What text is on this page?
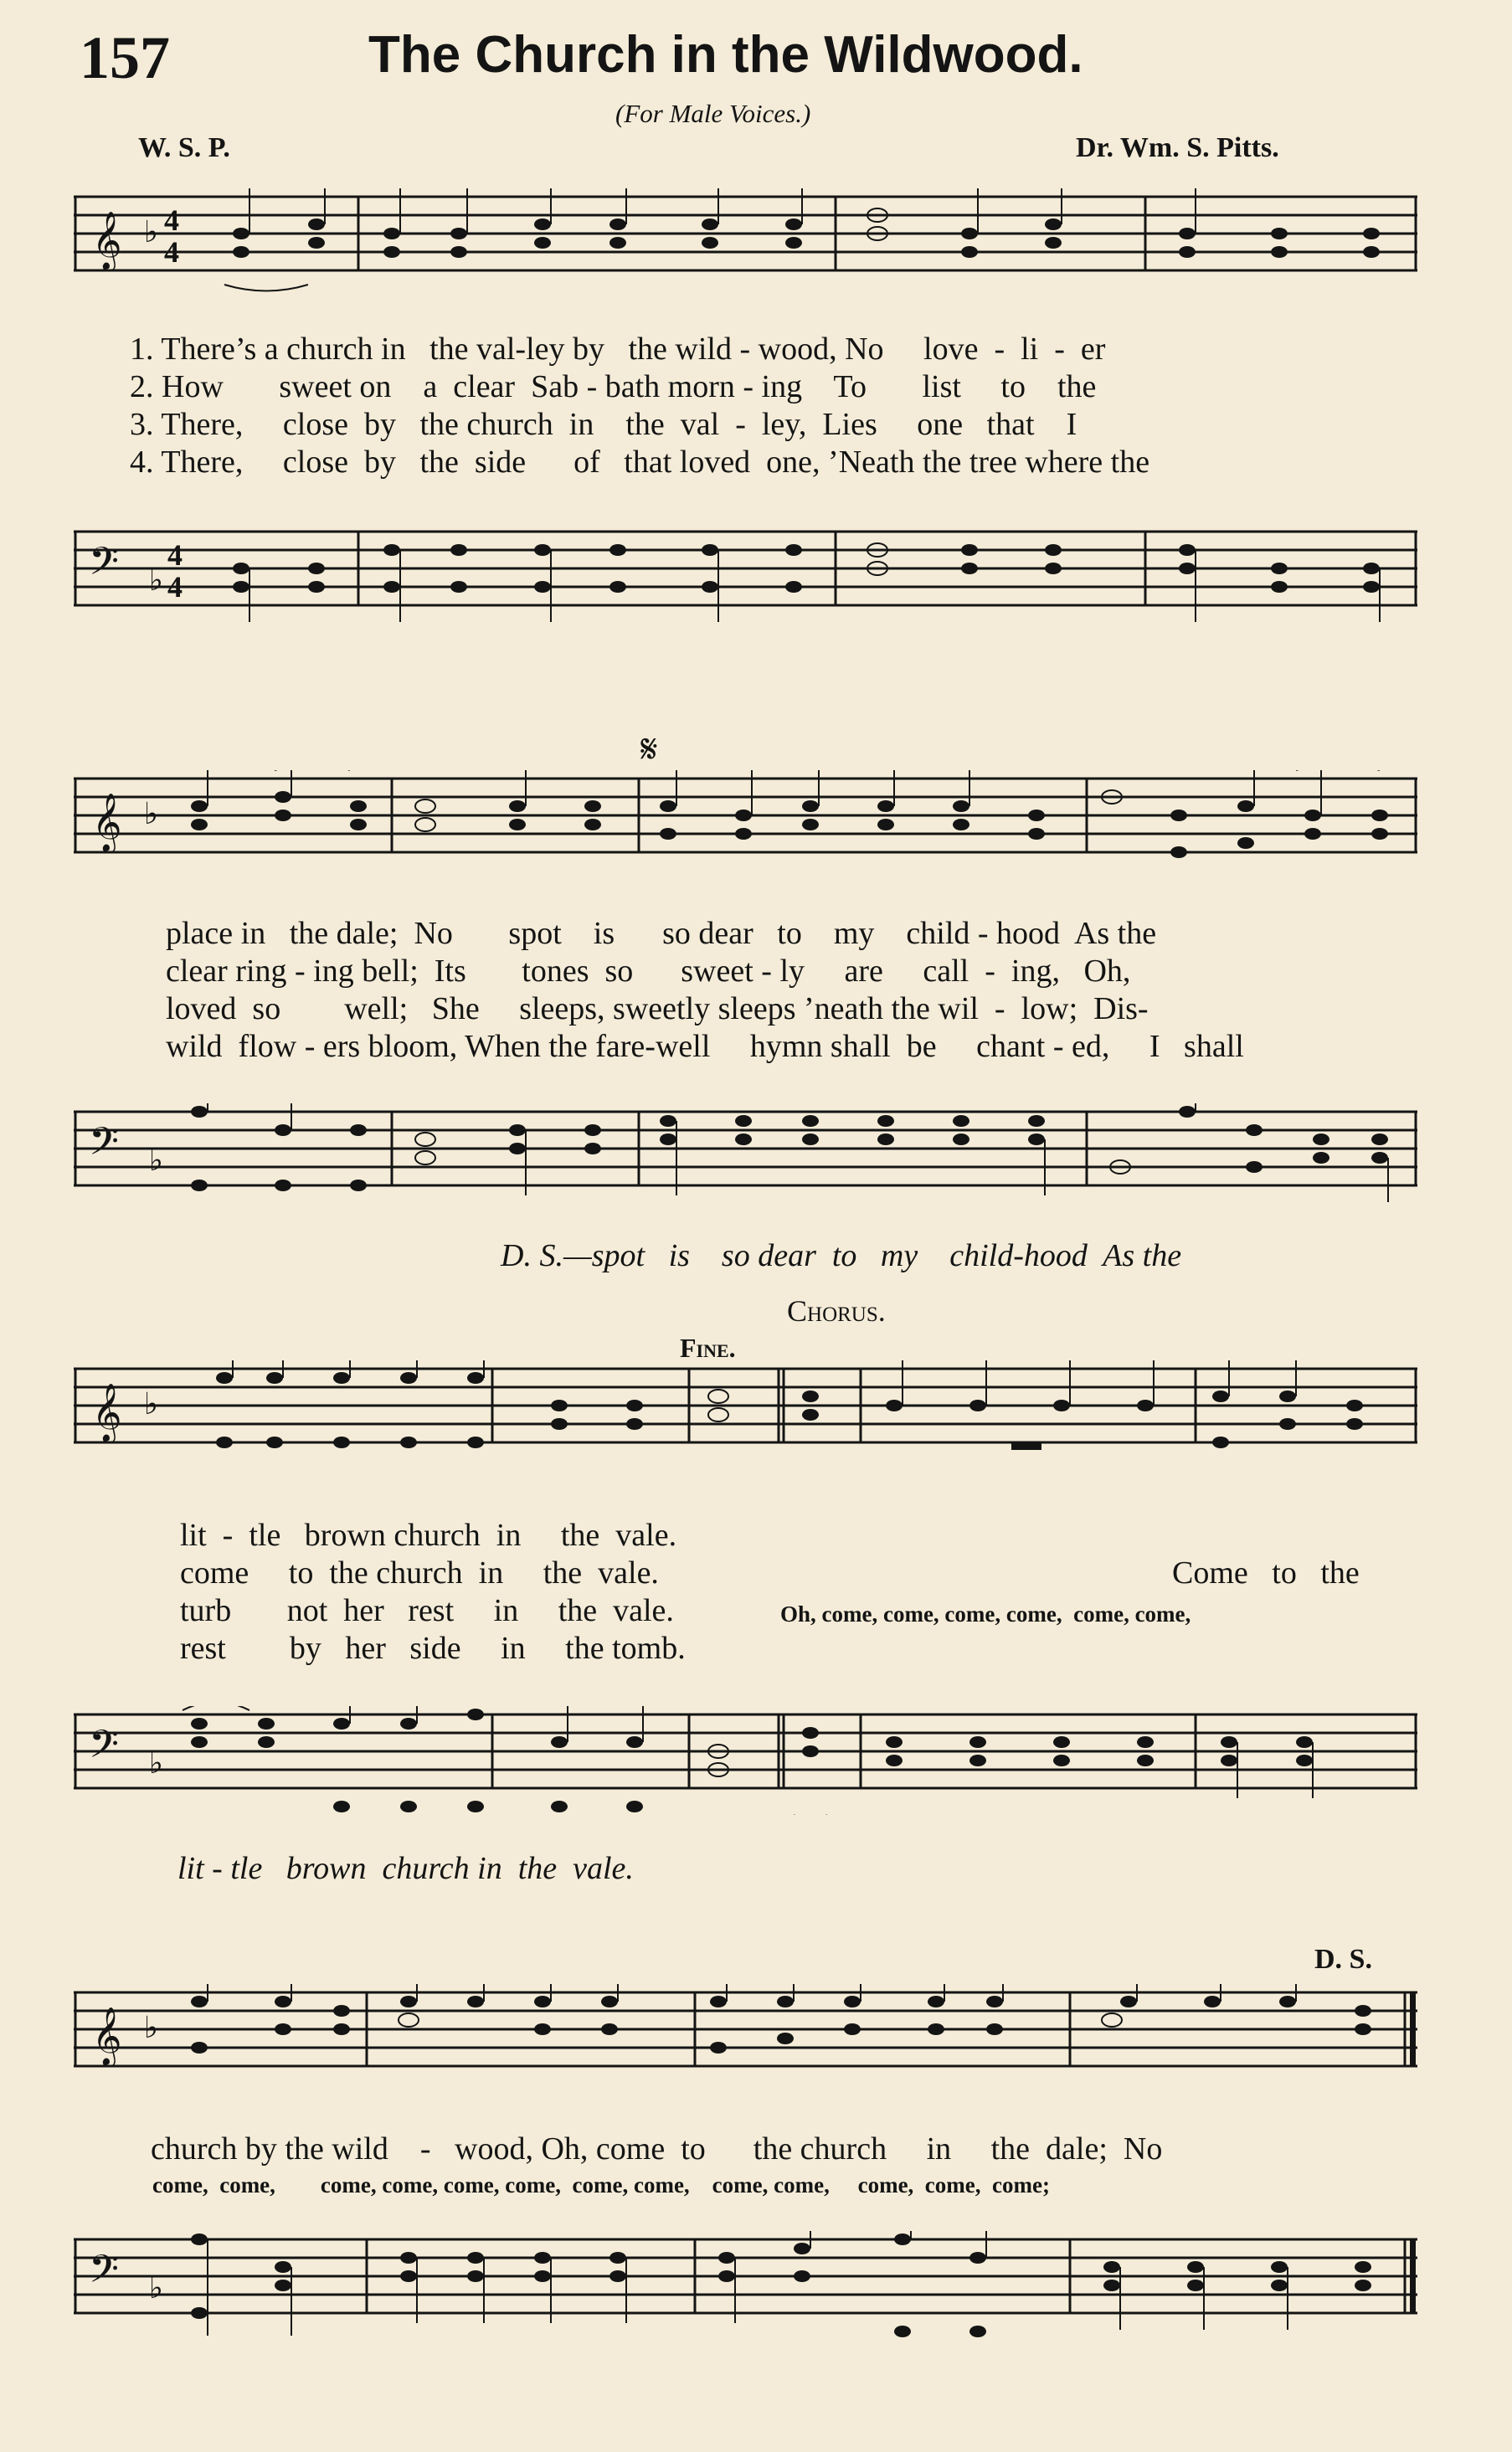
157	The Church in the Wildwood.
(For Male Voices.)
W. S. P.	Dr. Wm. S. Pitts.
𝄞 ♭ 4
4
1. There’s a church in   the val-ley by   the wild - wood, No     love  -  li  -  er
2. How       sweet on    a  clear  Sab - bath morn - ing    To       list     to    the
3. There,     close  by   the church  in    the  val  -  ley,  Lies     one   that    I
4. There,     close  by   the  side      of   that loved  one, ’Neath the tree where the
𝄢 ♭
4
4
𝄋
𝄞 ♭
place in   the dale;  No       spot    is      so dear   to    my    child - hood  As the
clear ring - ing bell;  Its       tones  so      sweet - ly     are     call  -  ing,   Oh,
loved  so        well;   She     sleeps, sweetly sleeps ’neath the wil  -  low;  Dis-
wild  flow - ers bloom, When the fare-well     hymn shall  be     chant - ed,     I   shall
𝄢 ♭
D. S.—spot   is    so dear  to   my    child-hood  As the
Chorus.
Fine.
𝄞 ♭
lit  -  tle   brown church  in     the  vale.
come     to  the church  in     the  vale.
turb       not  her   rest     in     the  vale.
rest        by   her   side     in     the tomb.
Come   to   the
Oh, come, come, come, come,  come, come,
𝄢 ♭
lit - tle   brown  church in  the  vale.
D. S.
𝄞 ♭
church by the wild    -   wood, Oh, come  to      the church     in     the  dale;  No
come,  come,        come, come, come, come,  come, come,    come, come,     come,  come,  come;
𝄢 ♭
